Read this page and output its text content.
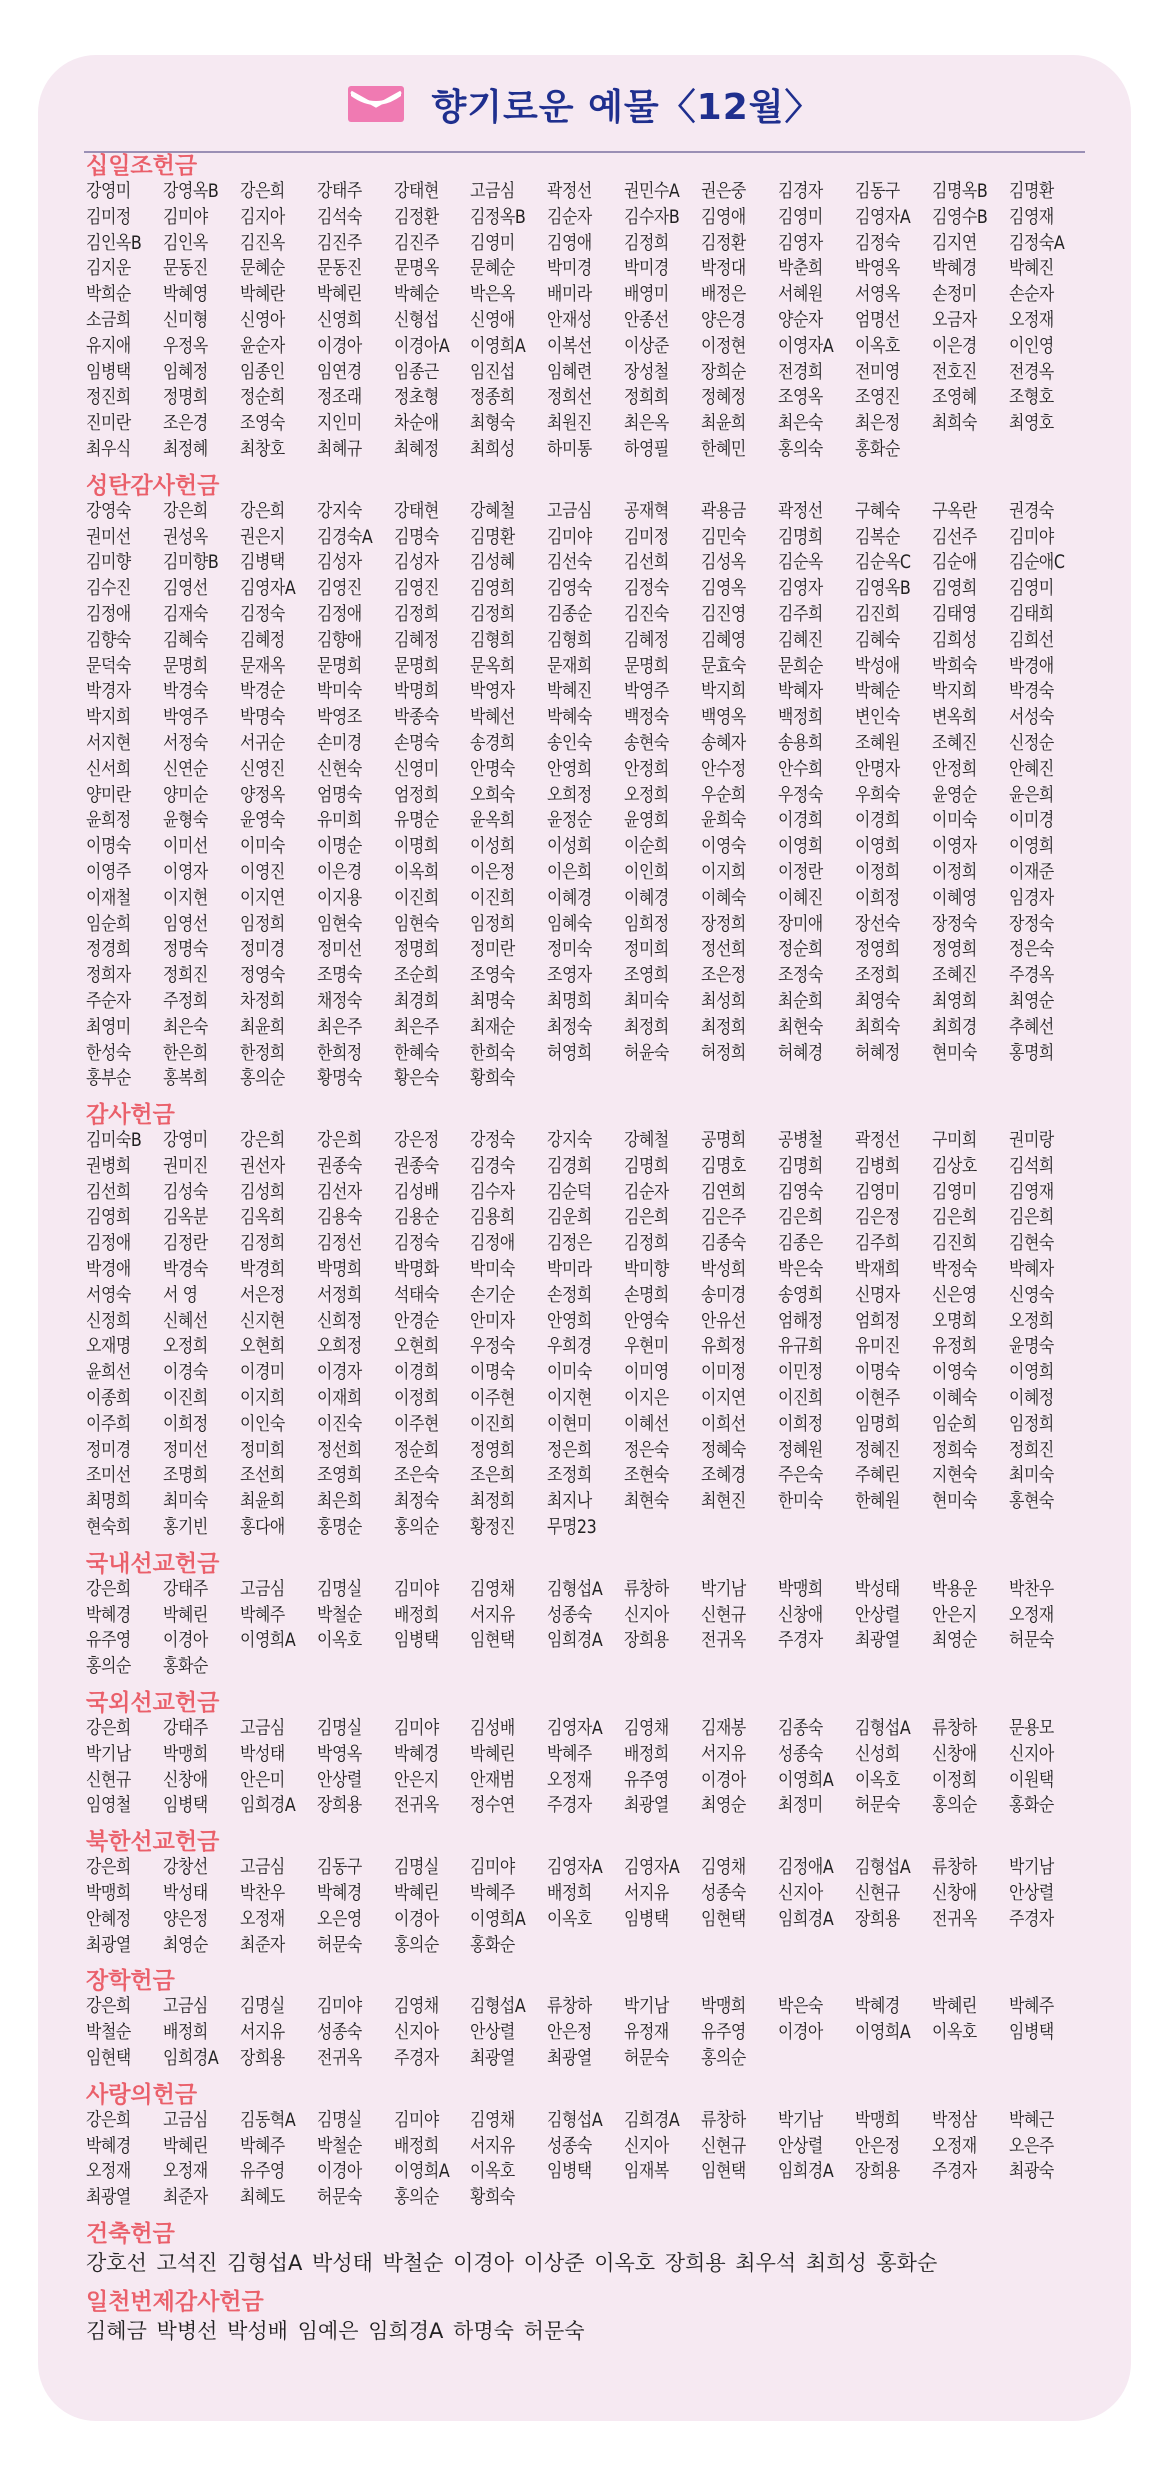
향기로운 예물〈12월〉
십일조헌금
강영미	강영옥B	강은희	강태주	강태현	고금심	곽정선	권민수A	권은중	김경자	김동구	김명옥B	김명환
김미정	김미야	김지아	김석숙	김정환	김정옥B	김순자	김수자B	김영애	김영미	김영자A	김영수B	김영재
김인옥B	김인옥	김진옥	김진주	김진주	김영미	김영애	김정희	김정환	김영자	김정숙	김지연	김정숙A
김지운	문동진	문혜순	문동진	문명옥	문혜순	박미경	박미경	박정대	박춘희	박영옥	박혜경	박혜진
박희순	박혜영	박혜란	박혜린	박혜순	박은옥	배미라	배영미	배정은	서혜원	서영옥	손정미	손순자
소금희	신미형	신영아	신영희	신형섭	신영애	안재성	안종선	양은경	양순자	엄명선	오금자	오정재
유지애	우정옥	윤순자	이경아	이경아A	이영희A	이복선	이상준	이정현	이영자A	이옥호	이은경	이인영
임병택	임혜정	임종인	임연경	임종근	임진섭	임혜련	장성철	장희순	전경희	전미영	전호진	전경옥
정진희	정명희	정순희	정조래	정초형	정종희	정희선	정희희	정혜정	조영옥	조영진	조영혜	조형호
진미란	조은경	조영숙	지인미	차순애	최형숙	최원진	최은옥	최윤희	최은숙	최은정	최희숙	최영호
최우식	최정혜	최창호	최혜규	최혜정	최희성	하미통	하영필	한혜민	홍의숙	홍화순
성탄감사헌금
강영숙	강은희	강은희	강지숙	강태현	강혜철	고금심	공재혁	곽용금	곽정선	구혜숙	구옥란	권경숙
권미선	권성옥	권은지	김경숙A	김명숙	김명환	김미야	김미정	김민숙	김명희	김복순	김선주	김미야
김미향	김미향B	김병택	김성자	김성자	김성혜	김선숙	김선희	김성옥	김순옥	김순옥C	김순애	김순애C
김수진	김영선	김영자A	김영진	김영진	김영희	김영숙	김정숙	김영옥	김영자	김영옥B	김영희	김영미
김정애	김재숙	김정숙	김정애	김정희	김정희	김종순	김진숙	김진영	김주희	김진희	김태영	김태희
김향숙	김혜숙	김혜정	김향애	김혜정	김형희	김형희	김혜정	김혜영	김혜진	김혜숙	김희성	김희선
문덕숙	문명희	문재옥	문명희	문명희	문옥희	문재희	문명희	문효숙	문희순	박성애	박희숙	박경애
박경자	박경숙	박경순	박미숙	박명희	박영자	박혜진	박영주	박지희	박혜자	박혜순	박지희	박경숙
박지희	박영주	박명숙	박영조	박종숙	박혜선	박혜숙	백정숙	백영옥	백정희	변인숙	변옥희	서성숙
서지현	서정숙	서귀순	손미경	손명숙	송경희	송인숙	송현숙	송혜자	송용희	조혜원	조혜진	신정순
신서희	신연순	신영진	신현숙	신영미	안명숙	안영희	안정희	안수정	안수희	안명자	안정희	안혜진
양미란	양미순	양정옥	엄명숙	엄정희	오희숙	오희정	오정희	우순희	우정숙	우희숙	윤영순	윤은희
윤희정	윤형숙	윤영숙	유미희	유명순	윤옥희	윤정순	윤영희	윤희숙	이경희	이경희	이미숙	이미경
이명숙	이미선	이미숙	이명순	이명희	이성희	이성희	이순희	이영숙	이영희	이영희	이영자	이영희
이영주	이영자	이영진	이은경	이옥희	이은정	이은희	이인희	이지희	이정란	이정희	이정희	이재준
이재철	이지현	이지연	이지용	이진희	이진희	이혜경	이혜경	이혜숙	이혜진	이희정	이혜영	임경자
임순희	임영선	임정희	임현숙	임현숙	임정희	임혜숙	임희정	장정희	장미애	장선숙	장정숙	장정숙
정경희	정명숙	정미경	정미선	정명희	정미란	정미숙	정미희	정선희	정순희	정영희	정영희	정은숙
정희자	정희진	정영숙	조명숙	조순희	조영숙	조영자	조영희	조은정	조정숙	조정희	조혜진	주경옥
주순자	주정희	차정희	채정숙	최경희	최명숙	최명희	최미숙	최성희	최순희	최영숙	최영희	최영순
최영미	최은숙	최윤희	최은주	최은주	최재순	최정숙	최정희	최정희	최현숙	최희숙	최희경	추혜선
한성숙	한은희	한정희	한희정	한혜숙	한희숙	허영희	허윤숙	허정희	허혜경	허혜정	현미숙	홍명희
홍부순	홍복희	홍의순	황명숙	황은숙	황희숙
감사헌금
김미숙B	강영미	강은희	강은희	강은정	강정숙	강지숙	강혜철	공명희	공병철	곽정선	구미희	권미랑
권병희	권미진	권선자	권종숙	권종숙	김경숙	김경희	김명희	김명호	김명희	김병희	김상호	김석희
김선희	김성숙	김성희	김선자	김성배	김수자	김순덕	김순자	김연희	김영숙	김영미	김영미	김영재
김영희	김옥분	김옥희	김용숙	김용순	김용희	김운희	김은희	김은주	김은희	김은정	김은희	김은희
김정애	김정란	김정희	김정선	김정숙	김정애	김정은	김정희	김종숙	김종은	김주희	김진희	김현숙
박경애	박경숙	박경희	박명희	박명화	박미숙	박미라	박미향	박성희	박은숙	박재희	박정숙	박혜자
서영숙	서 영	서은정	서정희	석태숙	손기순	손정희	손명희	송미경	송영희	신명자	신은영	신영숙
신정희	신혜선	신지현	신희정	안경순	안미자	안영희	안영숙	안유선	엄해정	엄희정	오명희	오정희
오재명	오정희	오현희	오희정	오현희	우정숙	우희경	우현미	유희정	유규희	유미진	유정희	윤명숙
윤희선	이경숙	이경미	이경자	이경희	이명숙	이미숙	이미영	이미정	이민정	이명숙	이영숙	이영희
이종희	이진희	이지희	이재희	이정희	이주현	이지현	이지은	이지연	이진희	이현주	이혜숙	이혜정
이주희	이희정	이인숙	이진숙	이주현	이진희	이현미	이혜선	이희선	이희정	임명희	임순희	임정희
정미경	정미선	정미희	정선희	정순희	정영희	정은희	정은숙	정혜숙	정혜원	정혜진	정희숙	정희진
조미선	조명희	조선희	조영희	조은숙	조은희	조정희	조현숙	조혜경	주은숙	주혜린	지현숙	최미숙
최명희	최미숙	최윤희	최은희	최정숙	최정희	최지나	최현숙	최현진	한미숙	한혜원	현미숙	홍현숙
현숙희	홍기빈	홍다애	홍명순	홍의순	황정진	무명23
국내선교헌금
강은희	강태주	고금심	김명실	김미야	김영채	김형섭A	류창하	박기남	박맹희	박성태	박용운	박찬우
박혜경	박혜린	박혜주	박철순	배정희	서지유	성종숙	신지아	신현규	신창애	안상렬	안은지	오정재
유주영	이경아	이영희A	이옥호	임병택	임현택	임희경A	장희용	전귀옥	주경자	최광열	최영순	허문숙
홍의순	홍화순
국외선교헌금
강은희	강태주	고금심	김명실	김미야	김성배	김영자A	김영채	김재봉	김종숙	김형섭A	류창하	문용모
박기남	박맹희	박성태	박영옥	박혜경	박혜린	박혜주	배정희	서지유	성종숙	신성희	신창애	신지아
신현규	신창애	안은미	안상렬	안은지	안재범	오정재	유주영	이경아	이영희A	이옥호	이정희	이원택
임영철	임병택	임희경A	장희용	전귀옥	정수연	주경자	최광열	최영순	최정미	허문숙	홍의순	홍화순
북한선교헌금
강은희	강창선	고금심	김동구	김명실	김미야	김영자A	김영자A	김영채	김정애A	김형섭A	류창하	박기남
박맹희	박성태	박찬우	박혜경	박혜린	박혜주	배정희	서지유	성종숙	신지아	신현규	신창애	안상렬
안혜정	양은정	오정재	오은영	이경아	이영희A	이옥호	임병택	임현택	임희경A	장희용	전귀옥	주경자
최광열	최영순	최준자	허문숙	홍의순	홍화순
장학헌금
강은희	고금심	김명실	김미야	김영채	김형섭A	류창하	박기남	박맹희	박은숙	박혜경	박혜린	박혜주
박철순	배정희	서지유	성종숙	신지아	안상렬	안은정	유정재	유주영	이경아	이영희A	이옥호	임병택
임현택	임희경A	장희용	전귀옥	주경자	최광열	최광열	허문숙	홍의순
사랑의헌금
강은희	고금심	김동혁A	김명실	김미야	김영채	김형섭A	김희경A	류창하	박기남	박맹희	박정삼	박혜근
박혜경	박혜린	박혜주	박철순	배정희	서지유	성종숙	신지아	신현규	안상렬	안은정	오정재	오은주
오정재	오정재	유주영	이경아	이영희A	이옥호	임병택	임재복	임현택	임희경A	장희용	주경자	최광숙
최광열	최준자	최혜도	허문숙	홍의순	황희숙
건축헌금
강호선 고석진 김형섭A 박성태 박철순 이경아 이상준 이옥호 장희용 최우석 최희성 홍화순
일천번제감사헌금
김혜금 박병선 박성배 임예은 임희경A 하명숙 허문숙
